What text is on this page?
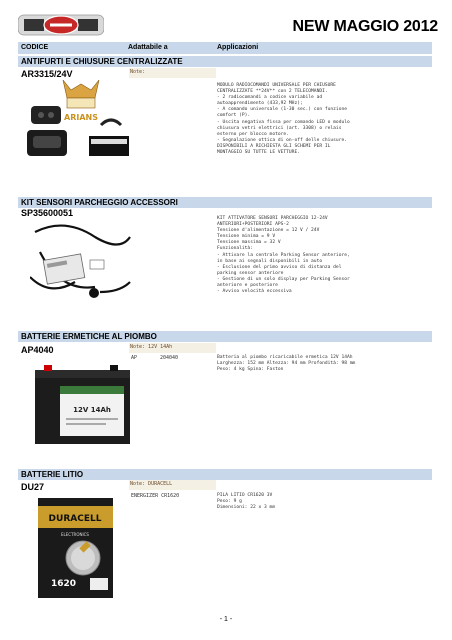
NEW MAGGIO 2012
CODICE	Adattabile a	Applicazioni
ANTIFURTI E CHIUSURE CENTRALIZZATE
AR3315/24V	Note:
MODULO RADIOCOMANDI UNIVERSALE PER CHIUSURE
CENTRALIZZATE **24V** con 2 TELECOMANDI.
- 2 radiocomandi a codice variabile ad
autoapprendimento (433,92 MHz);
- A comando universale (1-30 sec.) con funzione
comfort (P).
- Uscita negativa fissa per comando LED o modulo
chiusura vetri elettrici (art. 3308) o relais
esterno per blocco motore.
- Segnalazione ottica di on-off delle chiusure.
DISPONIBILI A RICHIESTA GLI SCHEMI PER IL
MONTAGGIO SU TUTTE LE VETTURE.
ARIANS
KIT SENSORI PARCHEGGIO ACCESSORI
SP35600051
KIT ATTIVATORE SENSORI PARCHEGGIO 12-24V
ANTERIORI+POSTERIORI APS-2
Tensione d'alimentazione = 12 V / 24V
Tensione minima = 9 V
Tensione massima = 32 V
Funzionalità:
- Attivare la centrale Parking Sensor anteriore,
in base ai segnali disponibili in auto
- Esclusione del primo avviso di distanza del
parking sensor anteriore
- Gestione di un solo display per Parking Sensor
anteriore e posteriore
- Avviso velocità eccessiva
BATTERIE ERMETICHE AL PIOMBO
AP4040	Note: 12V 14Ah
AP	204040	Batteria al piombo ricaricabile ermetica 12V 14Ah
Larghezza: 152 mm Altezza: 94 mm Profondità: 98 mm
Peso: 4 kg Spina: Faston
12V 14Ah
BATTERIE LITIO
DU27	Note: DURACELL
ENERGIZER CR1620	PILA LITIO CR1620 3V
Peso: 9 g
Dimensioni: 22 x 3 mm
DURACELL
ELECTRONICS
1620
- 1 -
